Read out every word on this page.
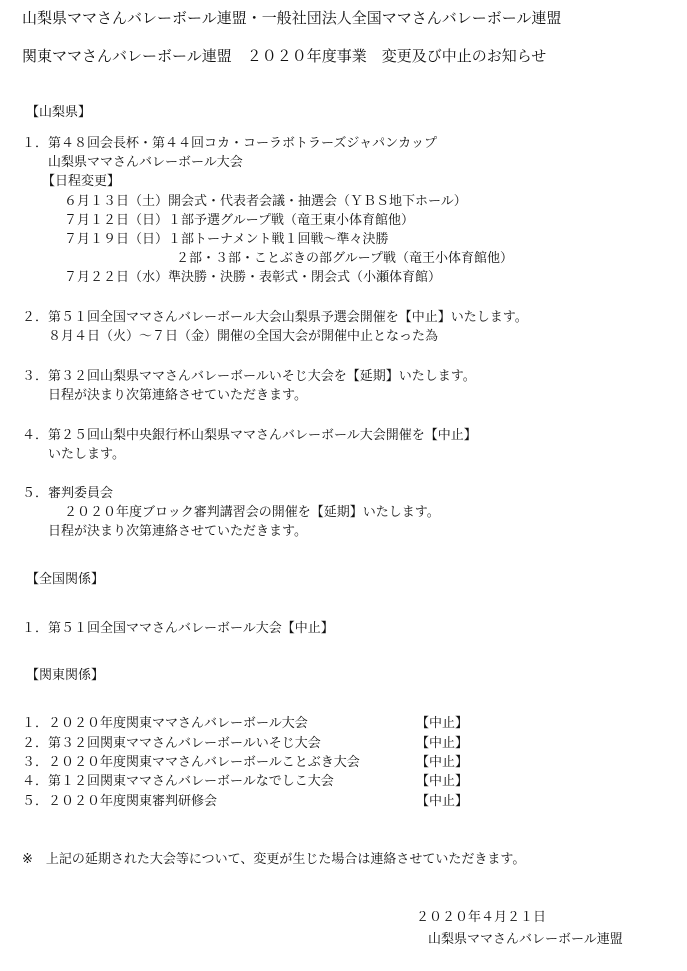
山梨県ママさんバレーボール連盟・一般社団法人全国ママさんバレーボール連盟

関東ママさんバレーボール連盟　２０２０年度事業　変更及び中止のお知らせ

【山梨県】

１．第４８回会長杯・第４４回コカ・コーラボトラーズジャパンカップ

山梨県ママさんバレーボール大会

【日程変更】

６月１３日（土）開会式・代表者会議・抽選会（ＹＢＳ地下ホール）

７月１２日（日）１部予選グループ戦（竜王東小体育館他）

７月１９日（日）１部トーナメント戦１回戦～準々決勝

２部・３部・ことぶきの部グループ戦（竜王小体育館他）

７月２２日（水）準決勝・決勝・表彰式・閉会式（小瀬体育館）

２．第５１回全国ママさんバレーボール大会山梨県予選会開催を【中止】いたします。

８月４日（火）～７日（金）開催の全国大会が開催中止となった為

３．第３２回山梨県ママさんバレーボールいそじ大会を【延期】いたします。

日程が決まり次第連絡させていただきます。

４．第２５回山梨中央銀行杯山梨県ママさんバレーボール大会開催を【中止】

いたします。

５．審判委員会

２０２０年度ブロック審判講習会の開催を【延期】いたします。

日程が決まり次第連絡させていただきます。

【全国関係】

１．第５１回全国ママさんバレーボール大会【中止】

【関東関係】

１．２０２０年度関東ママさんバレーボール大会	【中止】

２．第３２回関東ママさんバレーボールいそじ大会	【中止】

３．２０２０年度関東ママさんバレーボールことぶき大会	【中止】

４．第１２回関東ママさんバレーボールなでしこ大会	【中止】

５．２０２０年度関東審判研修会	【中止】

※　上記の延期された大会等について、変更が生じた場合は連絡させていただきます。

２０２０年４月２１日

山梨県ママさんバレーボール連盟
